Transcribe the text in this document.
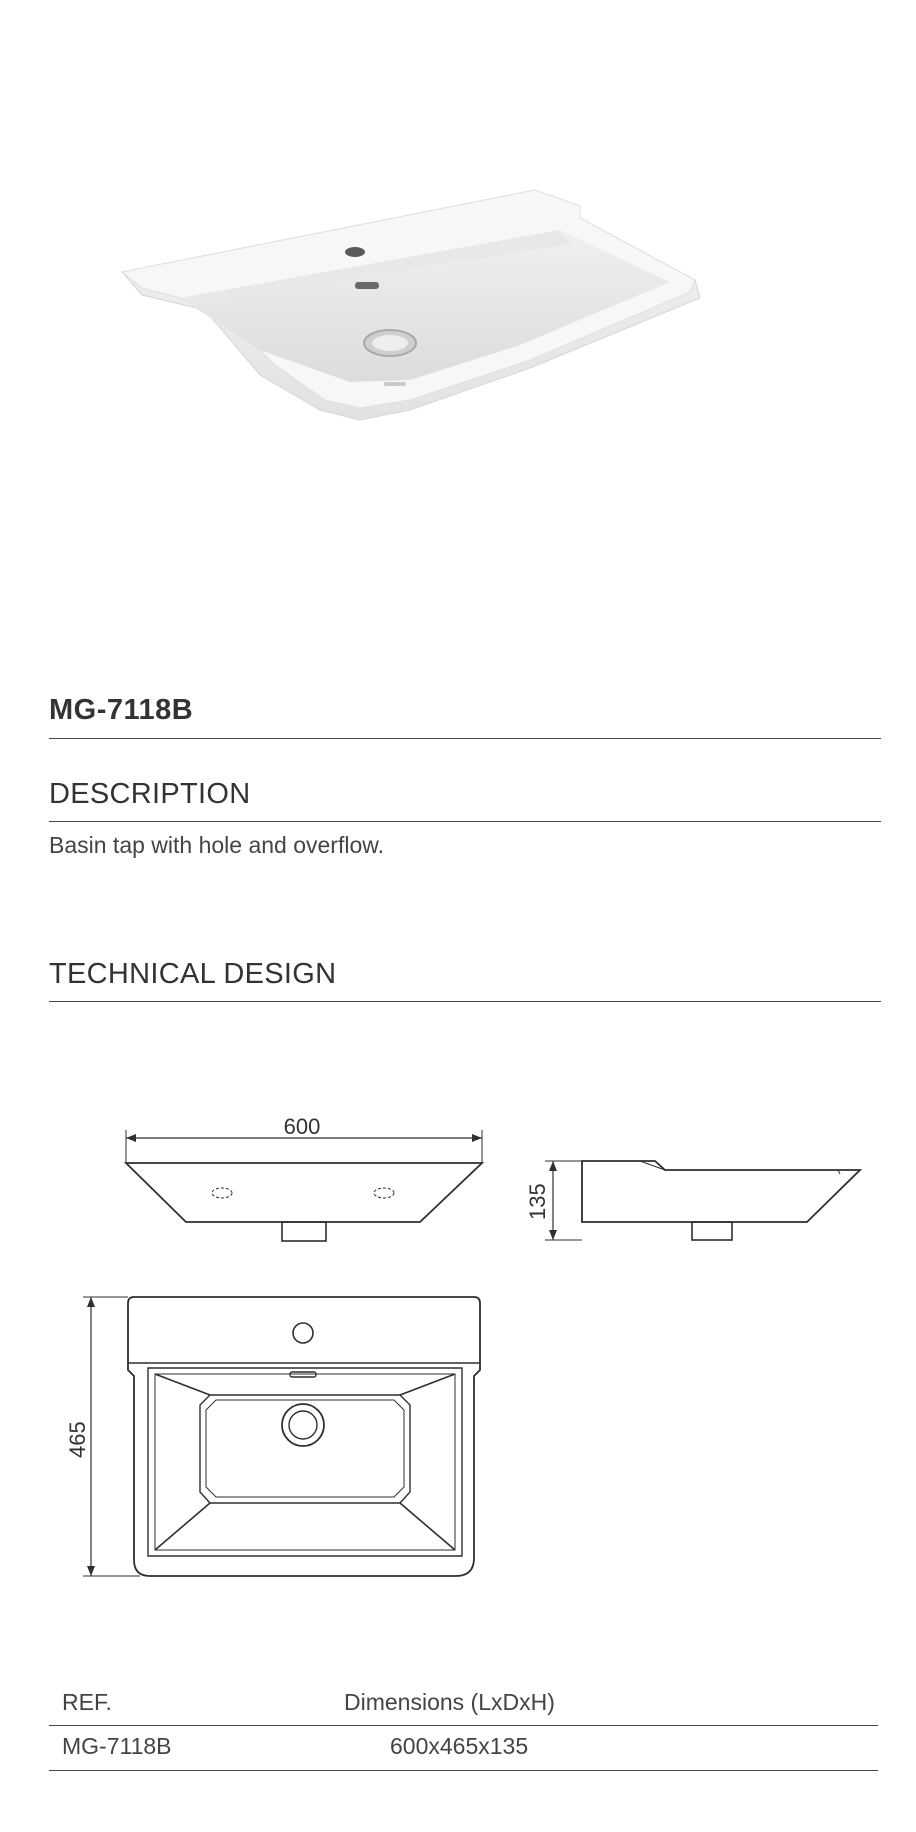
MG-7118B
DESCRIPTION
Basin tap with hole and overflow.
TECHNICAL DESIGN
600
135
465
REF.	Dimensions (LxDxH)
MG-7118B	600x465x135
